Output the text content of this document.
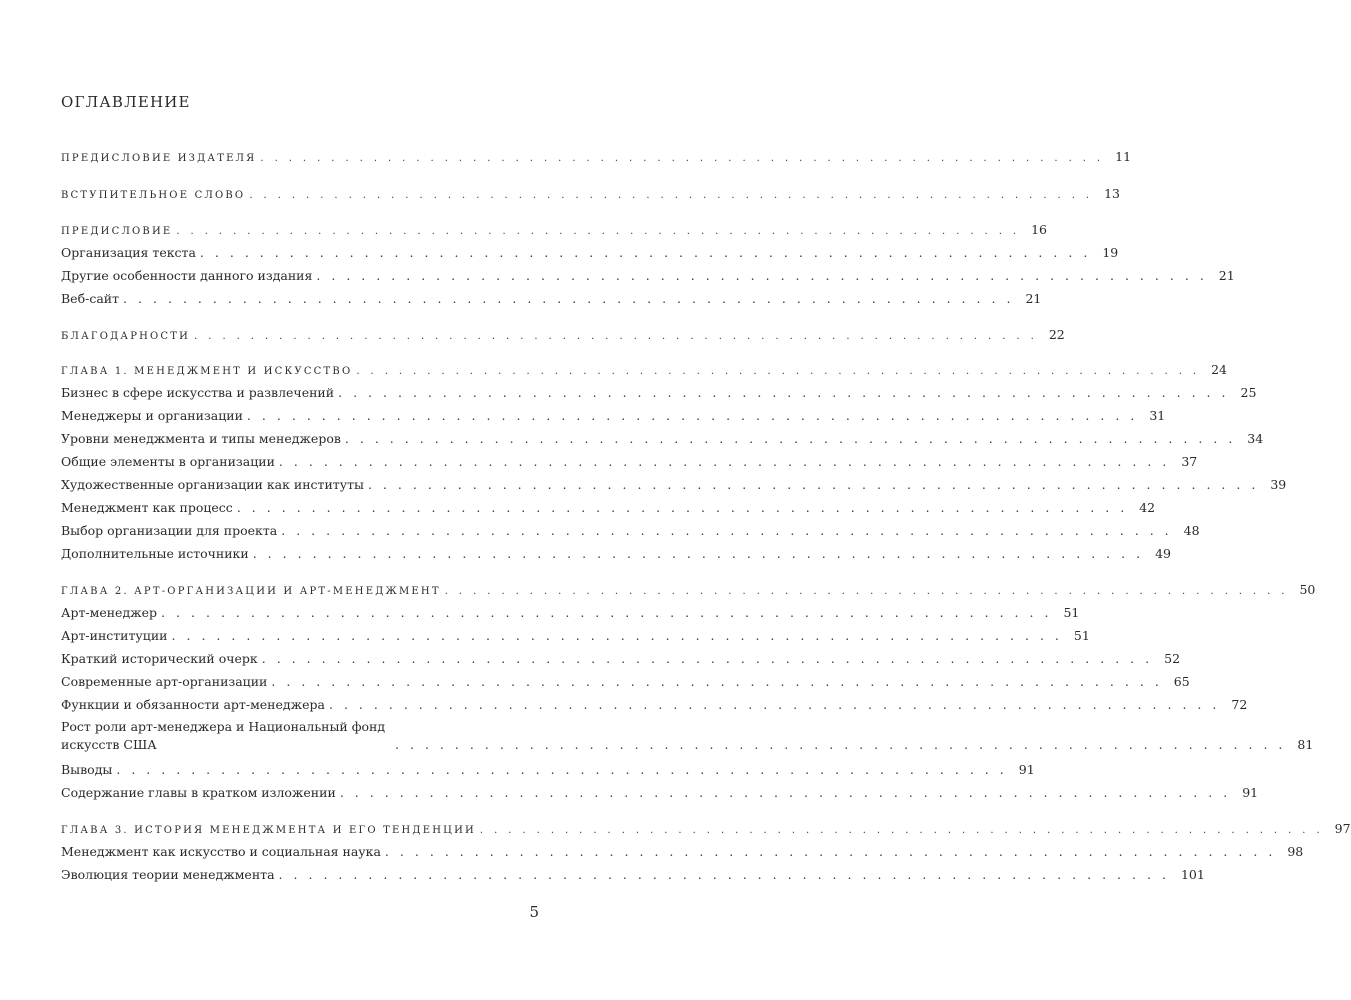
ОГЛАВЛЕНИЕ
ПРЕДИСЛОВИЕ ИЗДАТЕЛЯ ............................................................ 11
ВСТУПИТЕЛЬНОЕ СЛОВО ............................................................ 13
ПРЕДИСЛОВИЕ ............................................................ 16
Организация текста ............................................................ 19
Другие особенности данного издания ............................................................ 21
Веб-сайт ............................................................ 21
БЛАГОДАРНОСТИ ............................................................ 22
ГЛАВА 1. МЕНЕДЖМЕНТ И ИСКУССТВО ............................................................ 24
Бизнес в сфере искусства и развлечений ............................................................ 25
Менеджеры и организации ............................................................ 31
Уровни менеджмента и типы менеджеров ............................................................ 34
Общие элементы в организации ............................................................ 37
Художественные организации как институты ............................................................ 39
Менеджмент как процесс ............................................................ 42
Выбор организации для проекта ............................................................ 48
Дополнительные источники ............................................................ 49
ГЛАВА 2. АРТ-ОРГАНИЗАЦИИ И АРТ-МЕНЕДЖМЕНТ ............................................................ 50
Арт-менеджер ............................................................ 51
Арт-институции ............................................................ 51
Краткий исторический очерк ............................................................ 52
Современные арт-организации ............................................................ 65
Функции и обязанности арт-менеджера ............................................................ 72
Рост роли арт-менеджера и Национальный фонд искусств США	............................................................ 81
Выводы ............................................................ 91
Содержание главы в кратком изложении ............................................................ 91
ГЛАВА 3. ИСТОРИЯ МЕНЕДЖМЕНТА И ЕГО ТЕНДЕНЦИИ ............................................................ 97
Менеджмент как искусство и социальная наука ............................................................ 98
Эволюция теории менеджмента ............................................................ 101
5
